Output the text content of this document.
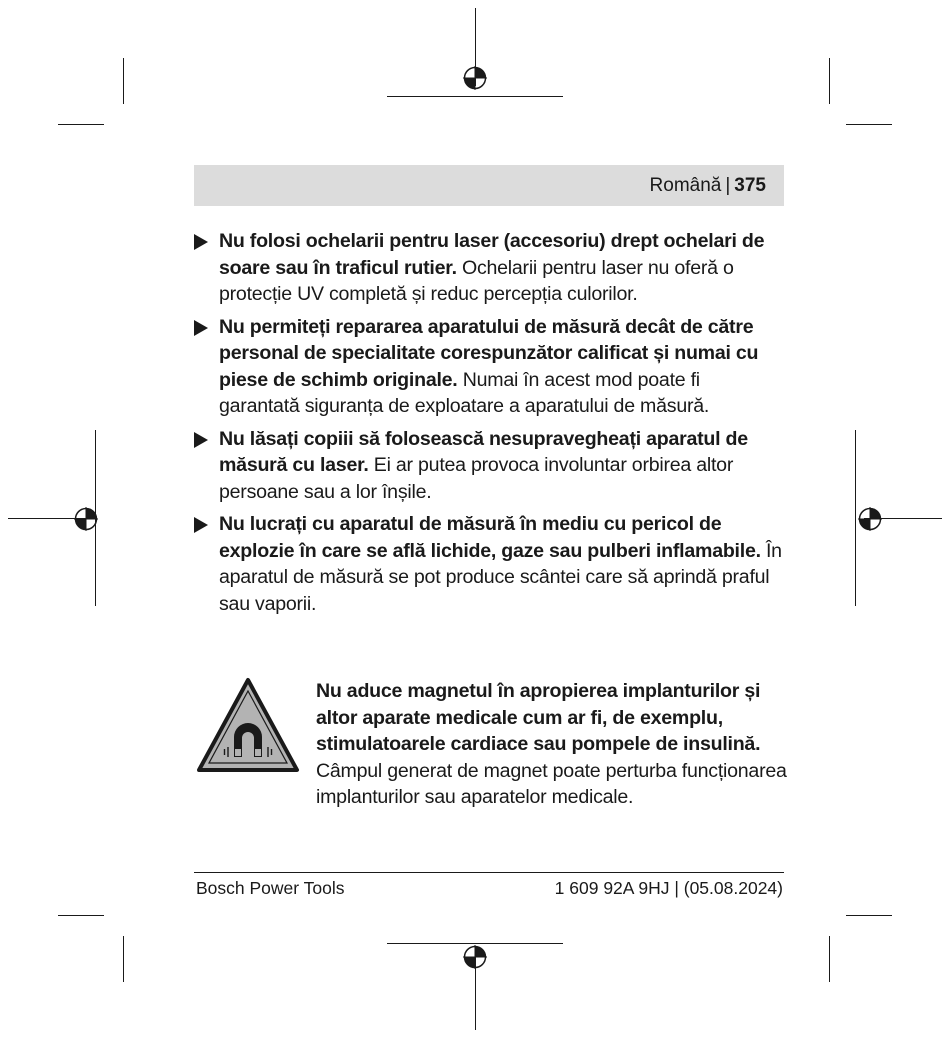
Română | 375
Nu folosi ochelarii pentru laser (accesoriu) drept ochelari de soare sau în traficul rutier. Ochelarii pentru laser nu oferă o protecție UV completă și reduc percepția culorilor.
Nu permiteți repararea aparatului de măsură decât de către personal de specialitate corespunzător calificat și numai cu piese de schimb originale. Numai în acest mod poate fi garantată siguranța de exploatare a aparatului de măsură.
Nu lăsați copiii să folosească nesupravegheați aparatul de măsură cu laser. Ei ar putea provoca involuntar orbirea altor persoane sau a lor înșile.
Nu lucrați cu aparatul de măsură în mediu cu pericol de explozie în care se află lichide, gaze sau pulberi inflamabile. În aparatul de măsură se pot produce scântei care să aprindă praful sau vaporii.
Nu aduce magnetul în apropierea implanturilor și altor aparate medicale cum ar fi, de exemplu, stimulatoarele cardiace sau pompele de insulină. Câmpul generat de magnet poate perturba funcționarea implanturilor sau aparatelor medicale.
Bosch Power Tools	1 609 92A 9HJ | (05.08.2024)
